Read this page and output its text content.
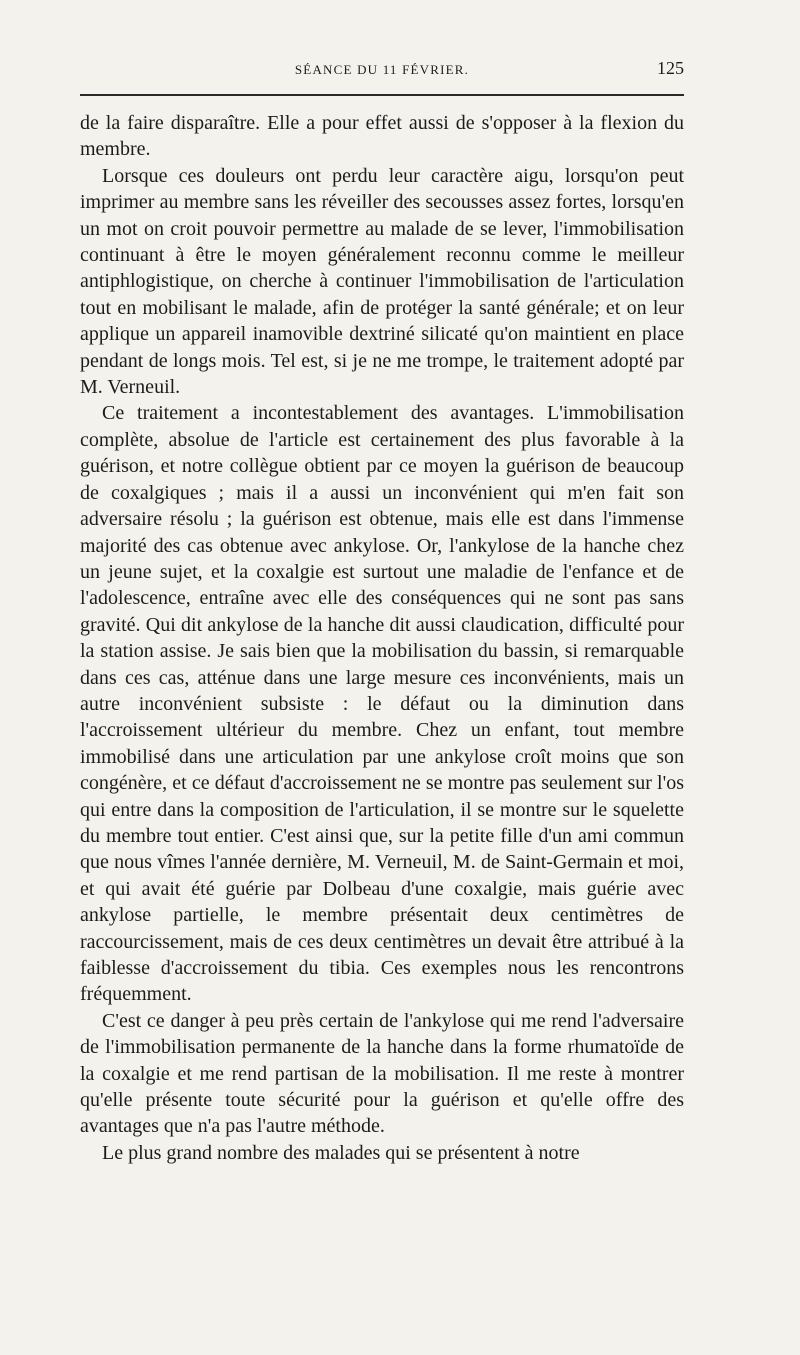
SÉANCE DU 11 FÉVRIER.	125

de la faire disparaître. Elle a pour effet aussi de s'opposer à la flexion du membre.

Lorsque ces douleurs ont perdu leur caractère aigu, lorsqu'on peut imprimer au membre sans les réveiller des secousses assez fortes, lorsqu'en un mot on croit pouvoir permettre au malade de se lever, l'immobilisation continuant à être le moyen généralement reconnu comme le meilleur antiphlogistique, on cherche à continuer l'immobilisation de l'articulation tout en mobilisant le malade, afin de protéger la santé générale; et on leur applique un appareil inamovible dextriné silicaté qu'on maintient en place pendant de longs mois. Tel est, si je ne me trompe, le traitement adopté par M. Verneuil.

Ce traitement a incontestablement des avantages. L'immobilisation complète, absolue de l'article est certainement des plus favorable à la guérison, et notre collègue obtient par ce moyen la guérison de beaucoup de coxalgiques ; mais il a aussi un inconvénient qui m'en fait son adversaire résolu ; la guérison est obtenue, mais elle est dans l'immense majorité des cas obtenue avec ankylose. Or, l'ankylose de la hanche chez un jeune sujet, et la coxalgie est surtout une maladie de l'enfance et de l'adolescence, entraîne avec elle des conséquences qui ne sont pas sans gravité. Qui dit ankylose de la hanche dit aussi claudication, difficulté pour la station assise. Je sais bien que la mobilisation du bassin, si remarquable dans ces cas, atténue dans une large mesure ces inconvénients, mais un autre inconvénient subsiste : le défaut ou la diminution dans l'accroissement ultérieur du membre. Chez un enfant, tout membre immobilisé dans une articulation par une ankylose croît moins que son congénère, et ce défaut d'accroissement ne se montre pas seulement sur l'os qui entre dans la composition de l'articulation, il se montre sur le squelette du membre tout entier. C'est ainsi que, sur la petite fille d'un ami commun que nous vîmes l'année dernière, M. Verneuil, M. de Saint-Germain et moi, et qui avait été guérie par Dolbeau d'une coxalgie, mais guérie avec ankylose partielle, le membre présentait deux centimètres de raccourcissement, mais de ces deux centimètres un devait être attribué à la faiblesse d'accroissement du tibia. Ces exemples nous les rencontrons fréquemment.

C'est ce danger à peu près certain de l'ankylose qui me rend l'adversaire de l'immobilisation permanente de la hanche dans la forme rhumatoïde de la coxalgie et me rend partisan de la mobilisation. Il me reste à montrer qu'elle présente toute sécurité pour la guérison et qu'elle offre des avantages que n'a pas l'autre méthode.

Le plus grand nombre des malades qui se présentent à notre
